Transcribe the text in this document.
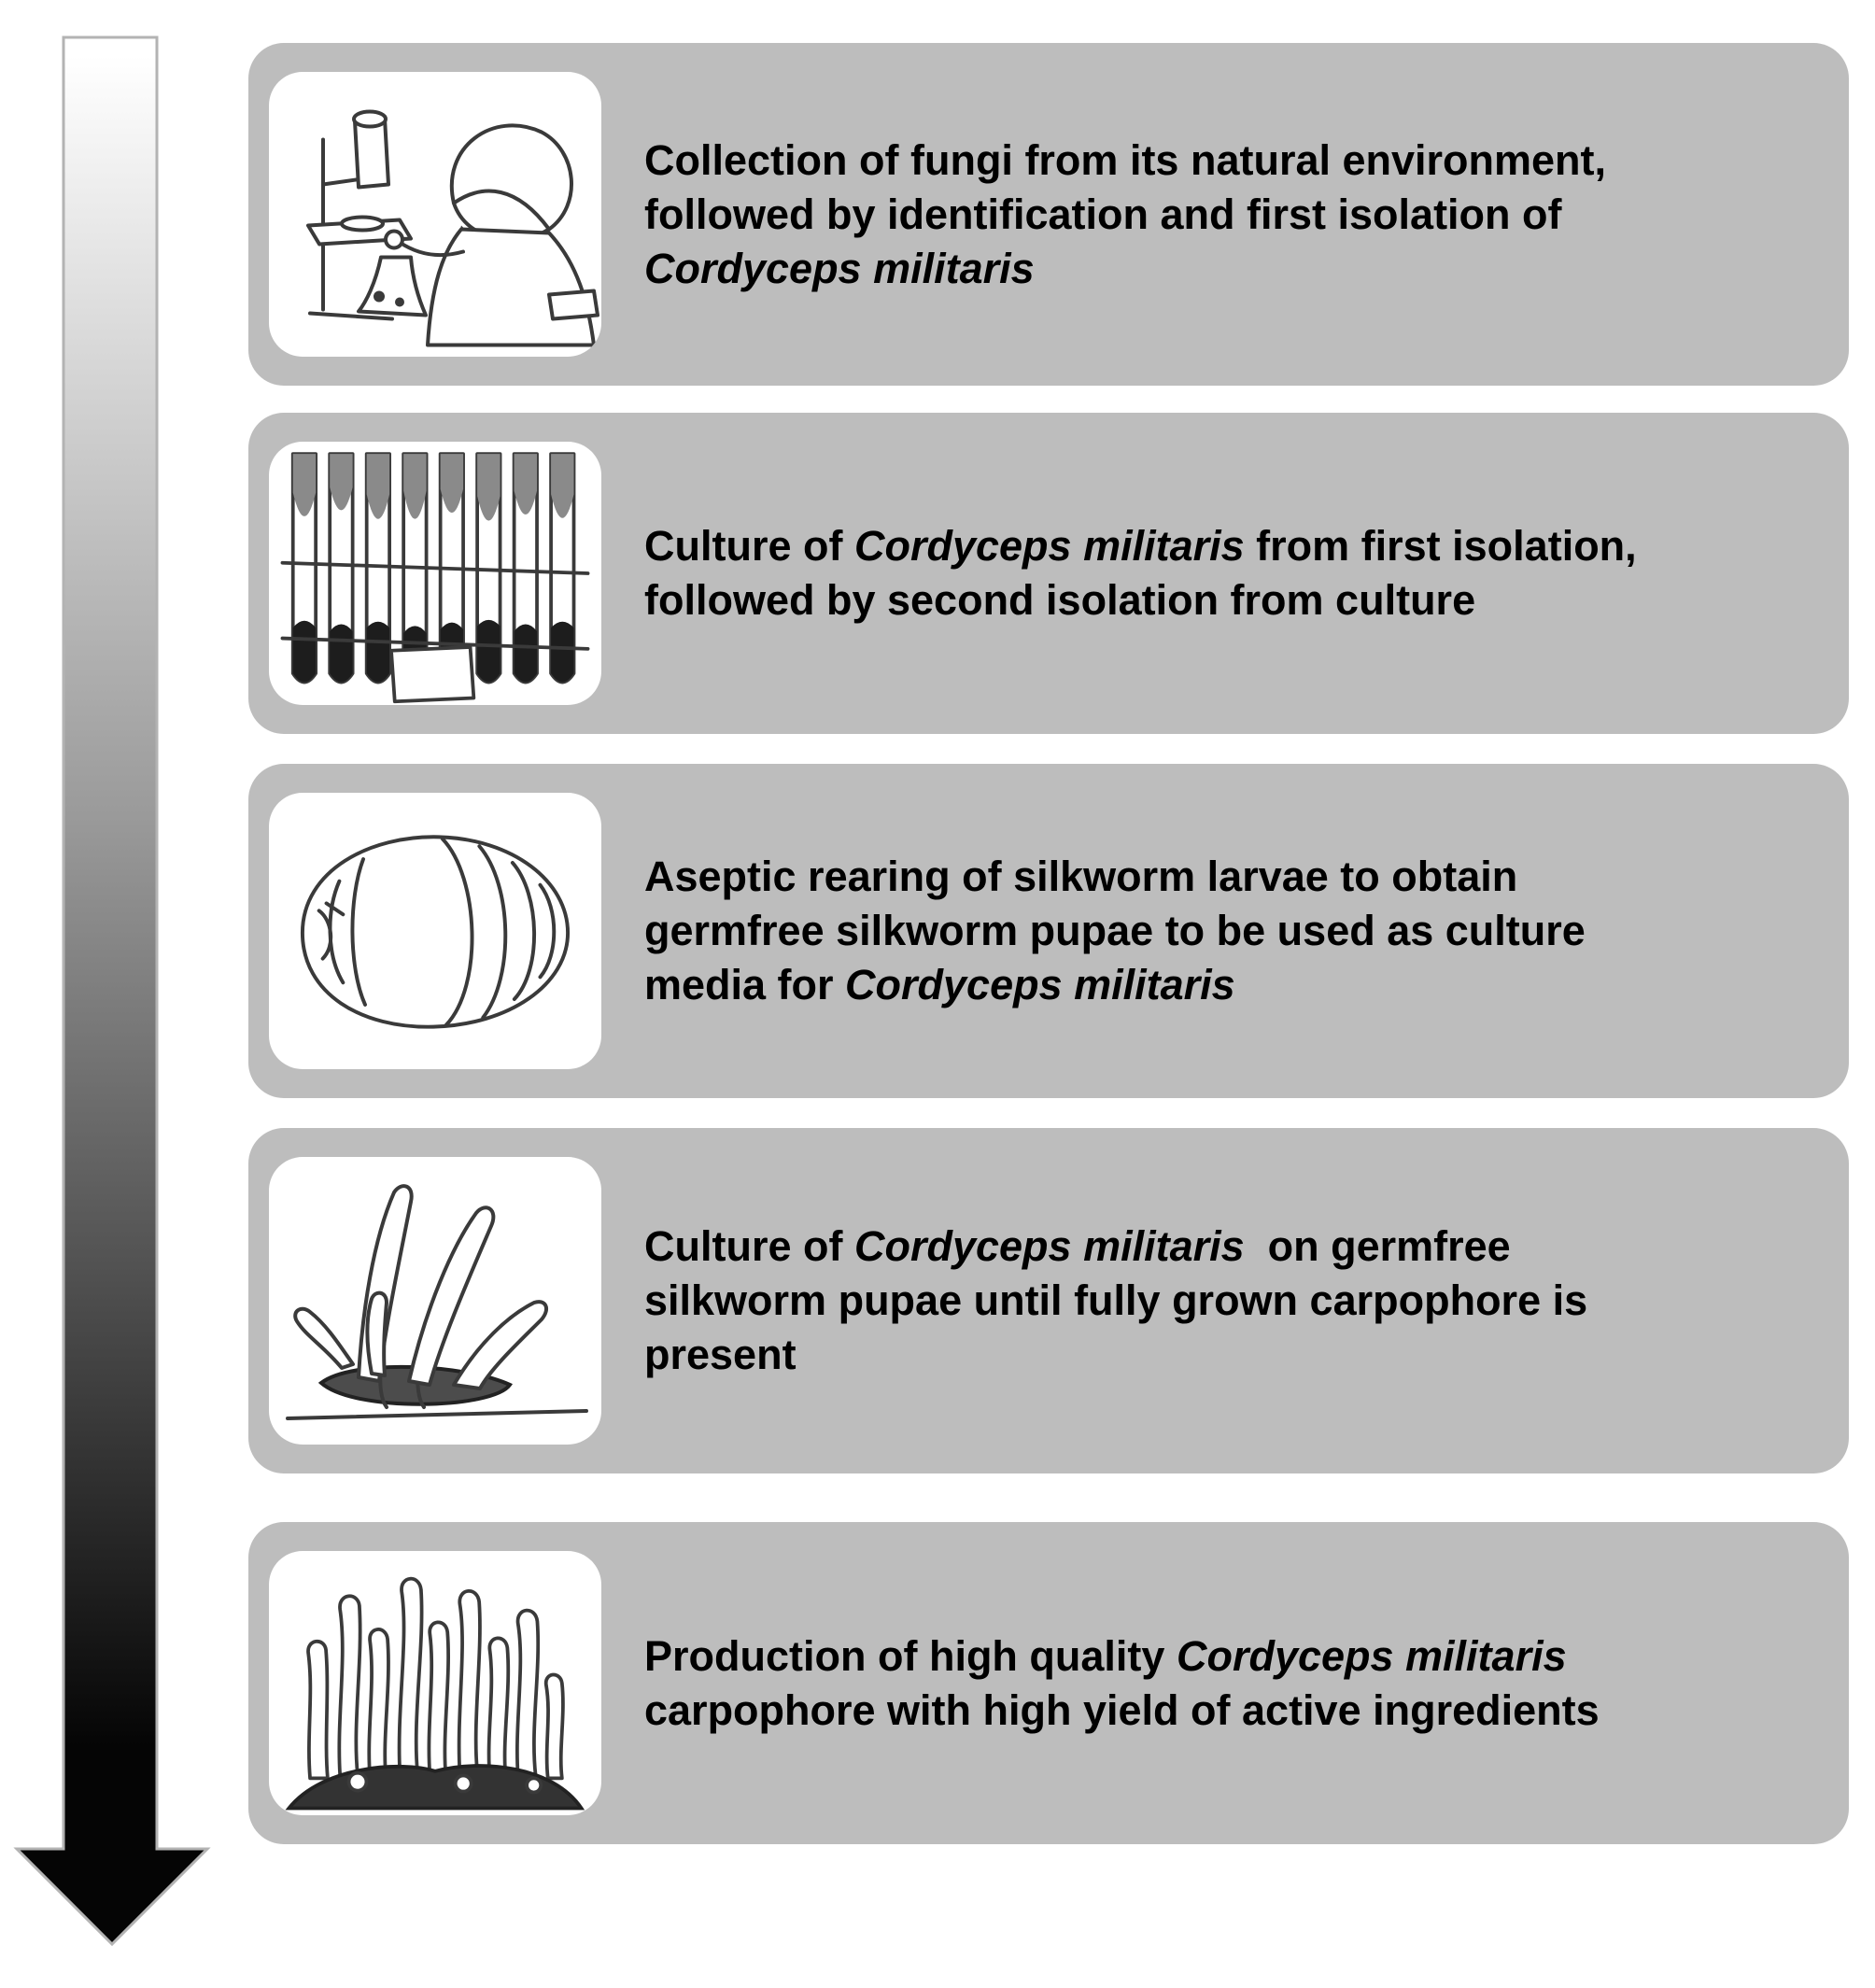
Collection of fungi from its natural environment,
followed by identification and first isolation of
Cordyceps militaris
Culture of Cordyceps militaris from first isolation,
followed by second isolation from culture
Aseptic rearing of silkworm larvae to obtain
germfree silkworm pupae to be used as culture
media for Cordyceps militaris
Culture of Cordyceps militaris  on germfree
silkworm pupae until fully grown carpophore is
present
Production of high quality Cordyceps militaris
carpophore with high yield of active ingredients
